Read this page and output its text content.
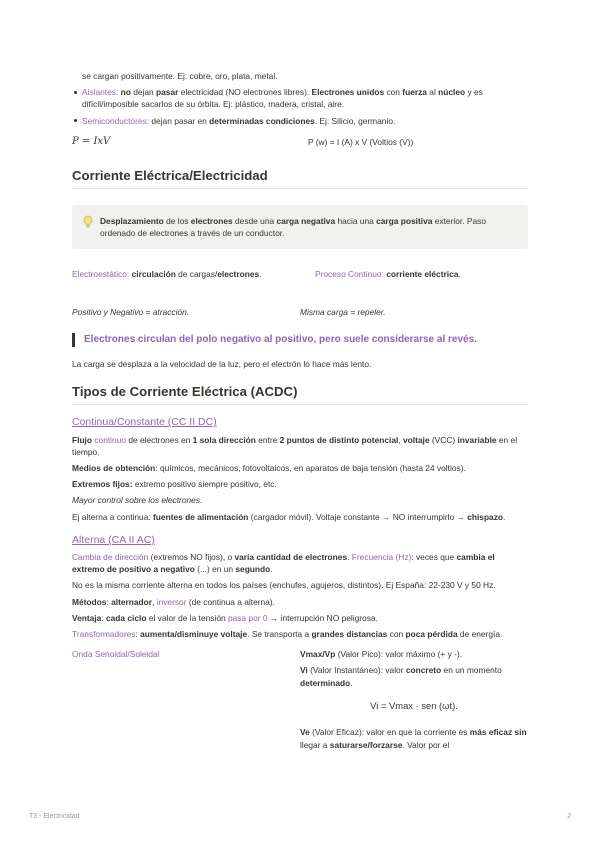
se cargan positivamente. Ej: cobre, oro, plata, metal.

Aislantes: no dejan pasar electricidad (NO electrones libres). Electrones unidos con fuerza al núcleo y es difícil/imposible sacarlos de su órbita. Ej: plástico, madera, cristal, aire.
Semiconductores: dejan pasar en determinadas condiciones. Ej: Silicio, germanio.
P = IxV	P (w) = I (A) x V (Voltios (V))
Corriente Eléctrica/Electricidad
Desplazamiento de los electrones desde una carga negativa hacia una carga positiva exterior. Paso ordenado de electrones a través de un conductor.
Electroestático: circulación de cargas/electrones.	Proceso Continuo: corriente eléctrica.
Positivo y Negativo = atracción.	Misma carga = repeler.
Electrones circulan del polo negativo al positivo, pero suele considerarse al revés.

La carga se desplaza a la velocidad de la luz, pero el electrón lo hace más lento.

Tipos de Corriente Eléctrica (ACDC)
Continua/Constante (CC II DC)

Flujo continuo de electrones en 1 sola dirección entre 2 puntos de distinto potencial, voltaje (VCC) invariable en el tiempo.

Medios de obtención: químicos, mecánicos, fotovoltaicos, en aparatos de baja tensión (hasta 24 voltios).

Extremos fijos: extremo positivo siempre positivo, etc.

Mayor control sobre los electrones.

Ej alterna a continua: fuentes de alimentación (cargador móvil). Voltaje constante → NO interrumpirlo → chispazo.

Alterna (CA II AC)

Cambia de dirección (extremos NO fijos), o varía cantidad de electrones. Frecuencia (Hz): veces que cambia el extremo de positivo a negativo (...) en un segundo.

No es la misma corriente alterna en todos los países (enchufes, agujeros, distintos). Ej España: 22-230 V y 50 Hz.

Métodos: alternador, inversor (de continua a alterna).

Ventaja: cada ciclo el valor de la tensión pasa por 0 → interrupción NO peligrosa.

Transformadores: aumenta/disminuye voltaje. Se transporta a grandes distancias con poca pérdida de energía.

Onda Senoidal/Soleidal	Vmax/Vp (Valor Pico): valor máximo (+ y -).

Vi (Valor Instantáneo): valor concreto en un momento determinado.

Vi = Vmax · sen (ωt).

Ve (Valor Eficaz): valor en que la corriente es más eficaz sin llegar a saturarse/forzarse. Valor por el

T3 - Electricidad	2
